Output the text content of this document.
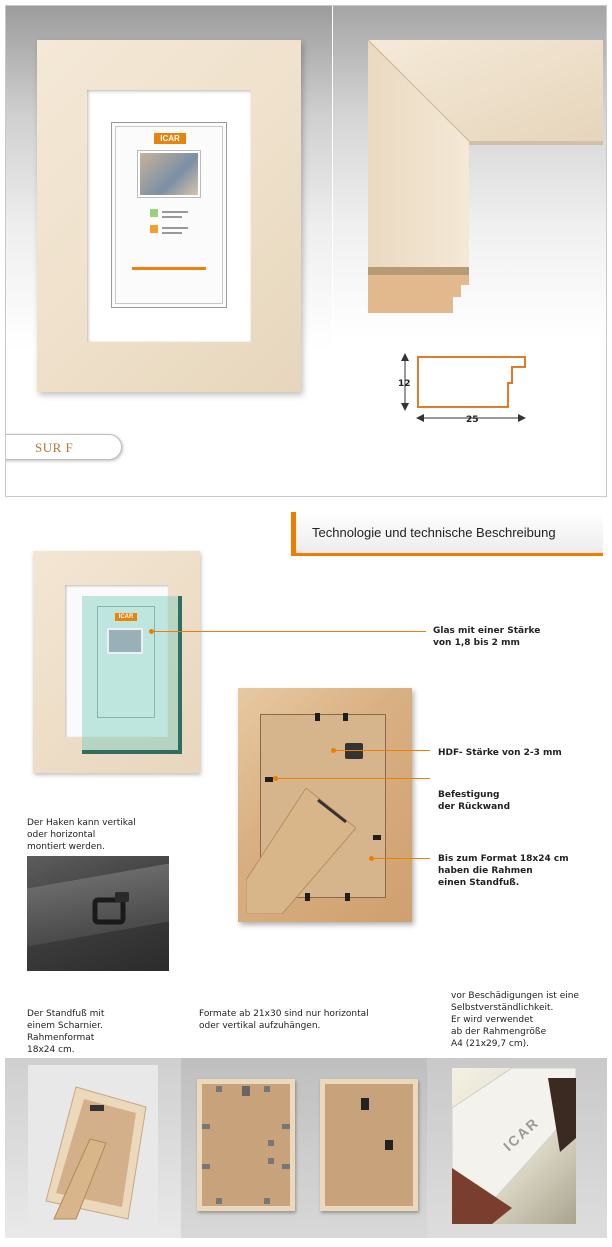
ICAR
SUR F
12
25
Technologie und technische Beschreibung
ICAR
Glas mit einer Stärke
von 1,8 bis 2 mm
HDF- Stärke von 2-3 mm
Befestigung
der Rückwand
Bis zum Format 18x24 cm
haben die Rahmen
einen Standfuß.
Der Haken kann vertikal
oder horizontal
montiert werden.
Der Standfuß mit
einem Scharnier.
Rahmenformat
18x24 cm.
Formate ab 21x30 sind nur horizontal
oder vertikal aufzuhängen.
vor Beschädigungen ist eine
Selbstverständlichkeit.
Er wird verwendet
ab der Rahmengröße
A4 (21x29,7 cm).
ICAR
